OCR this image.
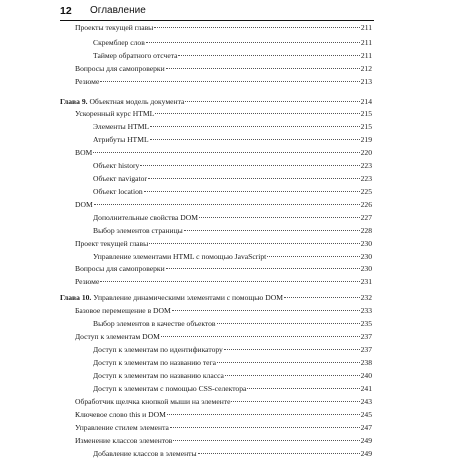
12 Оглавление
Проекты текущей главы	211
Скремблер слов	211
Таймер обратного отсчета	211
Вопросы для самопроверки	212
Резюме	213
Глава 9. Объектная модель документа	214
Ускоренный курс HTML	215
Элементы HTML	215
Атрибуты HTML	219
BOM	220
Объект history	223
Объект navigator	223
Объект location	225
DOM	226
Дополнительные свойства DOM	227
Выбор элементов страницы	228
Проект текущей главы	230
Управление элементами HTML с помощью JavaScript	230
Вопросы для самопроверки	230
Резюме	231
Глава 10. Управление динамическими элементами с помощью DOM	232
Базовое перемещение в DOM	233
Выбор элементов в качестве объектов	235
Доступ к элементам DOM	237
Доступ к элементам по идентификатору	237
Доступ к элементам по названию тега	238
Доступ к элементам по названию класса	240
Доступ к элементам с помощью CSS-селектора	241
Обработчик щелчка кнопкой мыши на элементе	243
Ключевое слово this и DOM	245
Управление стилем элемента	247
Изменение классов элементов	249
Добавление классов в элементы	249
